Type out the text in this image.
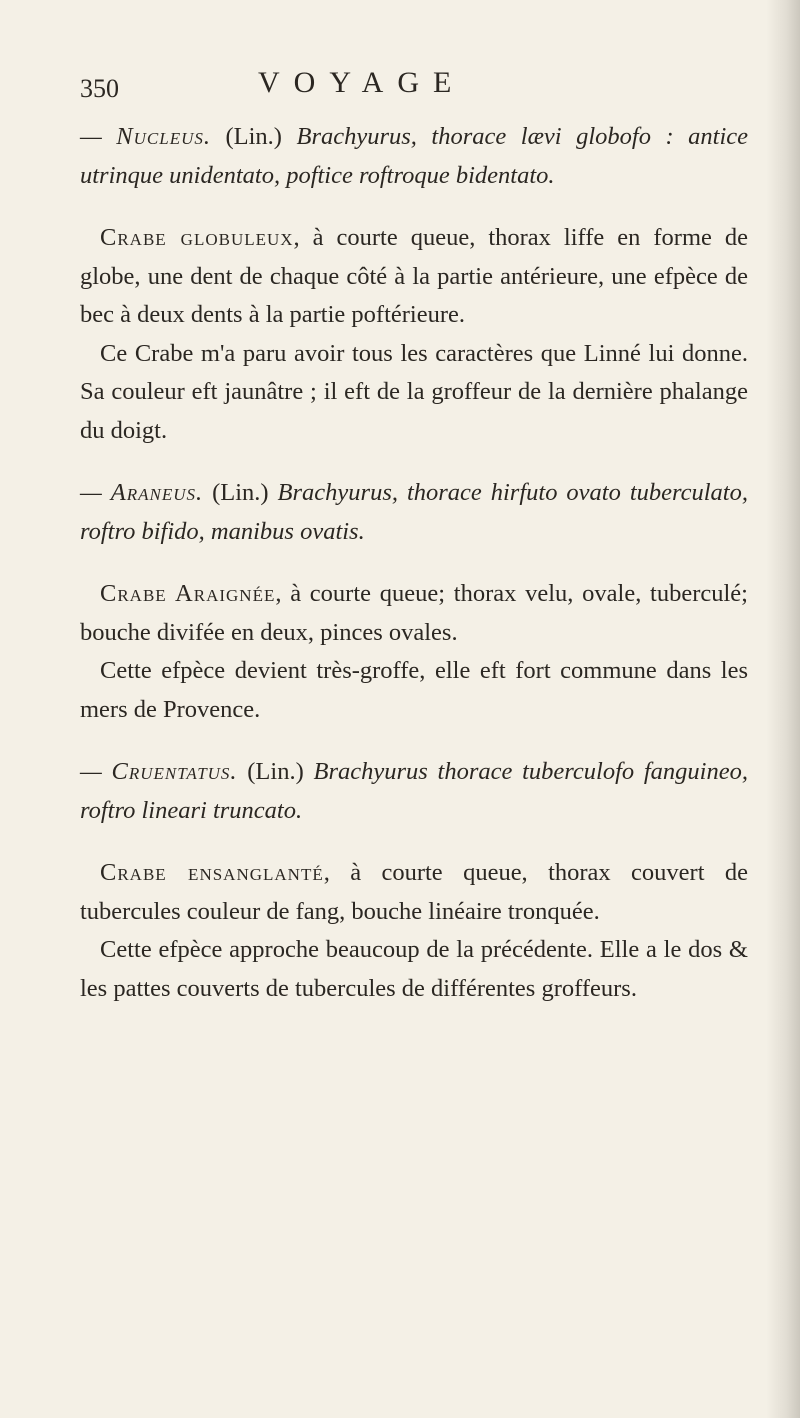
350	VOYAGE

— Nucleus. (Lin.) Brachyurus, thorace lævi globofo : antice utrinque unidentato, poftice roftroque bidentato.

Crabe globuleux, à courte queue, thorax liffe en forme de globe, une dent de chaque côté à la partie antérieure, une efpèce de bec à deux dents à la partie poftérieure.

Ce Crabe m'a paru avoir tous les caractères que Linné lui donne. Sa couleur eft jaunâtre ; il eft de la groffeur de la dernière phalange du doigt.

— Araneus. (Lin.) Brachyurus, thorace hirfuto ovato tuberculato, roftro bifido, manibus ovatis.

Crabe Araignée, à courte queue; thorax velu, ovale, tuberculé; bouche divifée en deux, pinces ovales.

Cette efpèce devient très-groffe, elle eft fort commune dans les mers de Provence.

— Cruentatus. (Lin.) Brachyurus thorace tuberculofo fanguineo, roftro lineari truncato.

Crabe ensanglanté, à courte queue, thorax couvert de tubercules couleur de fang, bouche linéaire tronquée.

Cette efpèce approche beaucoup de la précédente. Elle a le dos & les pattes couverts de tubercules de différentes groffeurs.
